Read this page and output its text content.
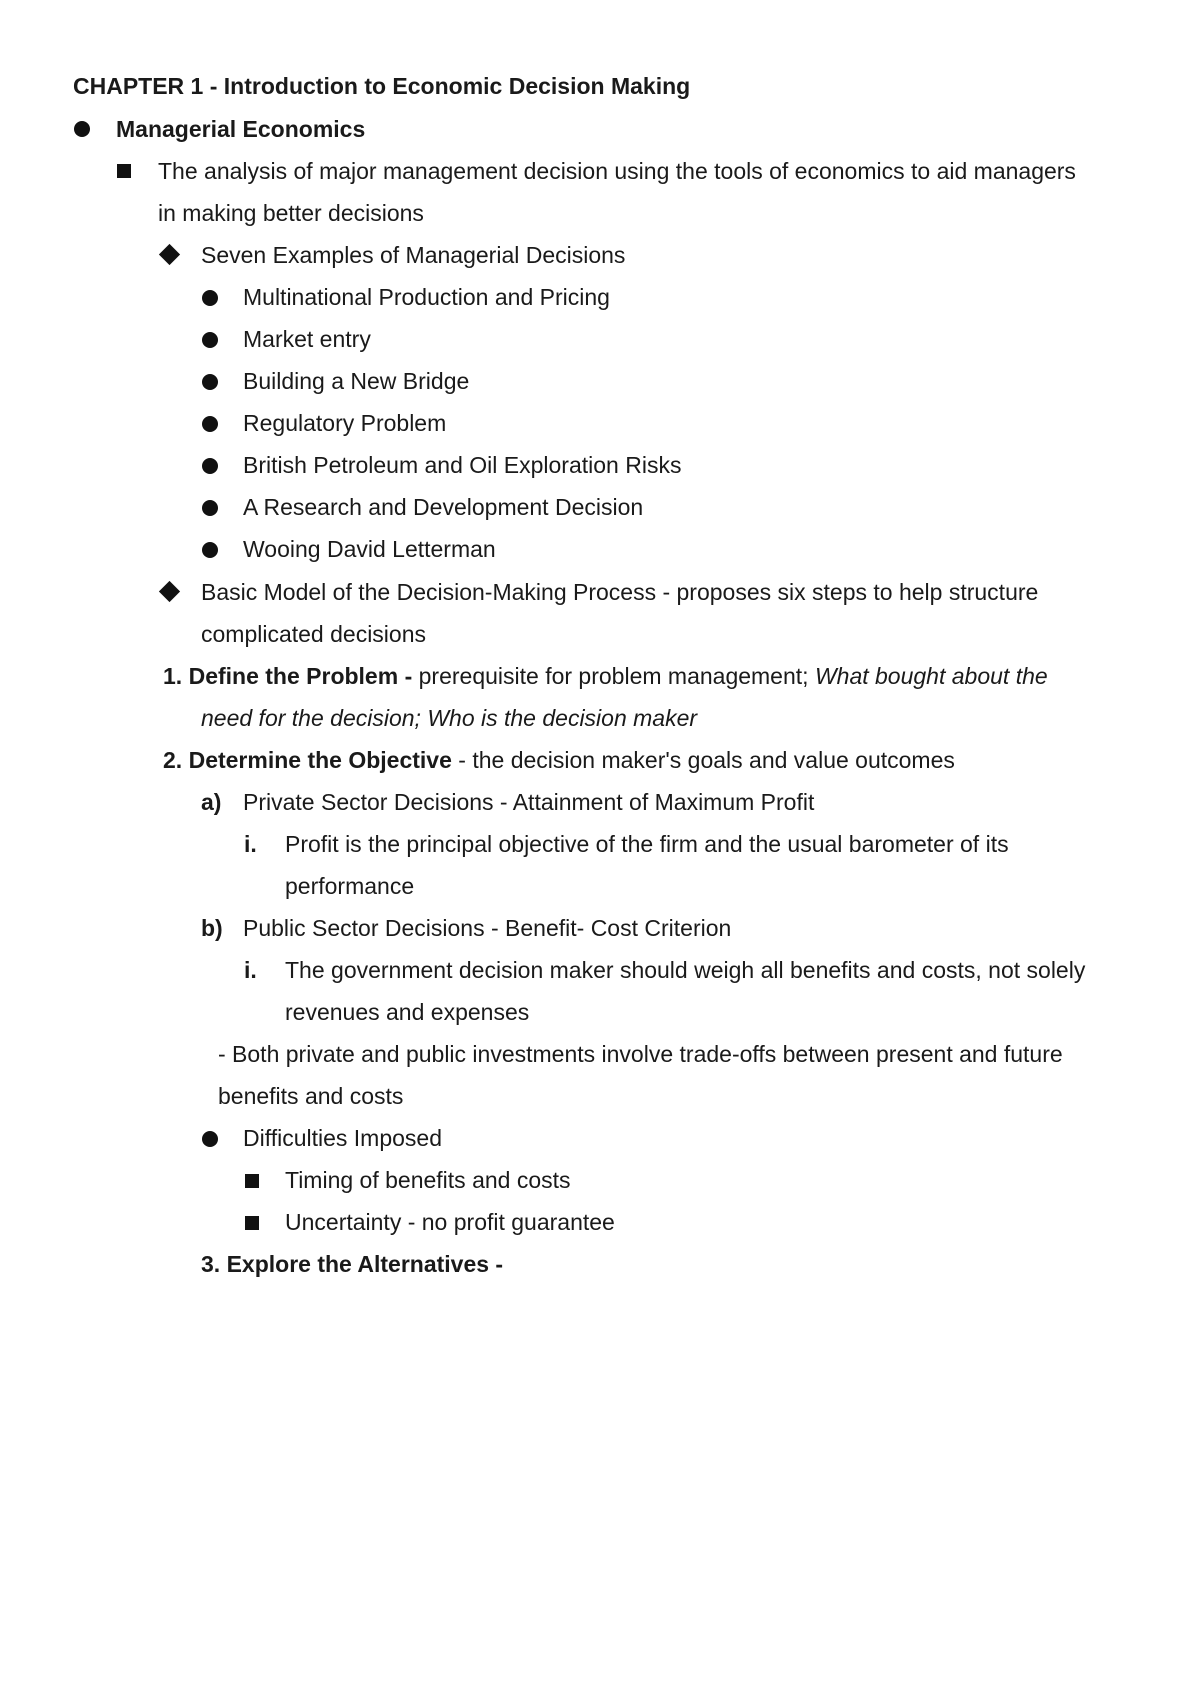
CHAPTER 1 - Introduction to Economic Decision Making
Managerial Economics
The analysis of major management decision using the tools of economics to aid managers
in making better decisions
Seven Examples of Managerial Decisions
Multinational Production and Pricing
Market entry
Building a New Bridge
Regulatory Problem
British Petroleum and Oil Exploration Risks
A Research and Development Decision
Wooing David Letterman
Basic Model of the Decision-Making Process - proposes six steps to help structure
complicated decisions
1. Define the Problem - prerequisite for problem management; What bought about the
need for the decision; Who is the decision maker
2. Determine the Objective - the decision maker's goals and value outcomes
a) Private Sector Decisions - Attainment of Maximum Profit
i. Profit is the principal objective of the firm and the usual barometer of its
performance
b) Public Sector Decisions - Benefit- Cost Criterion
i. The government decision maker should weigh all benefits and costs, not solely
revenues and expenses
- Both private and public investments involve trade-offs between present and future
benefits and costs
Difficulties Imposed
Timing of benefits and costs
Uncertainty - no profit guarantee
3. Explore the Alternatives -
